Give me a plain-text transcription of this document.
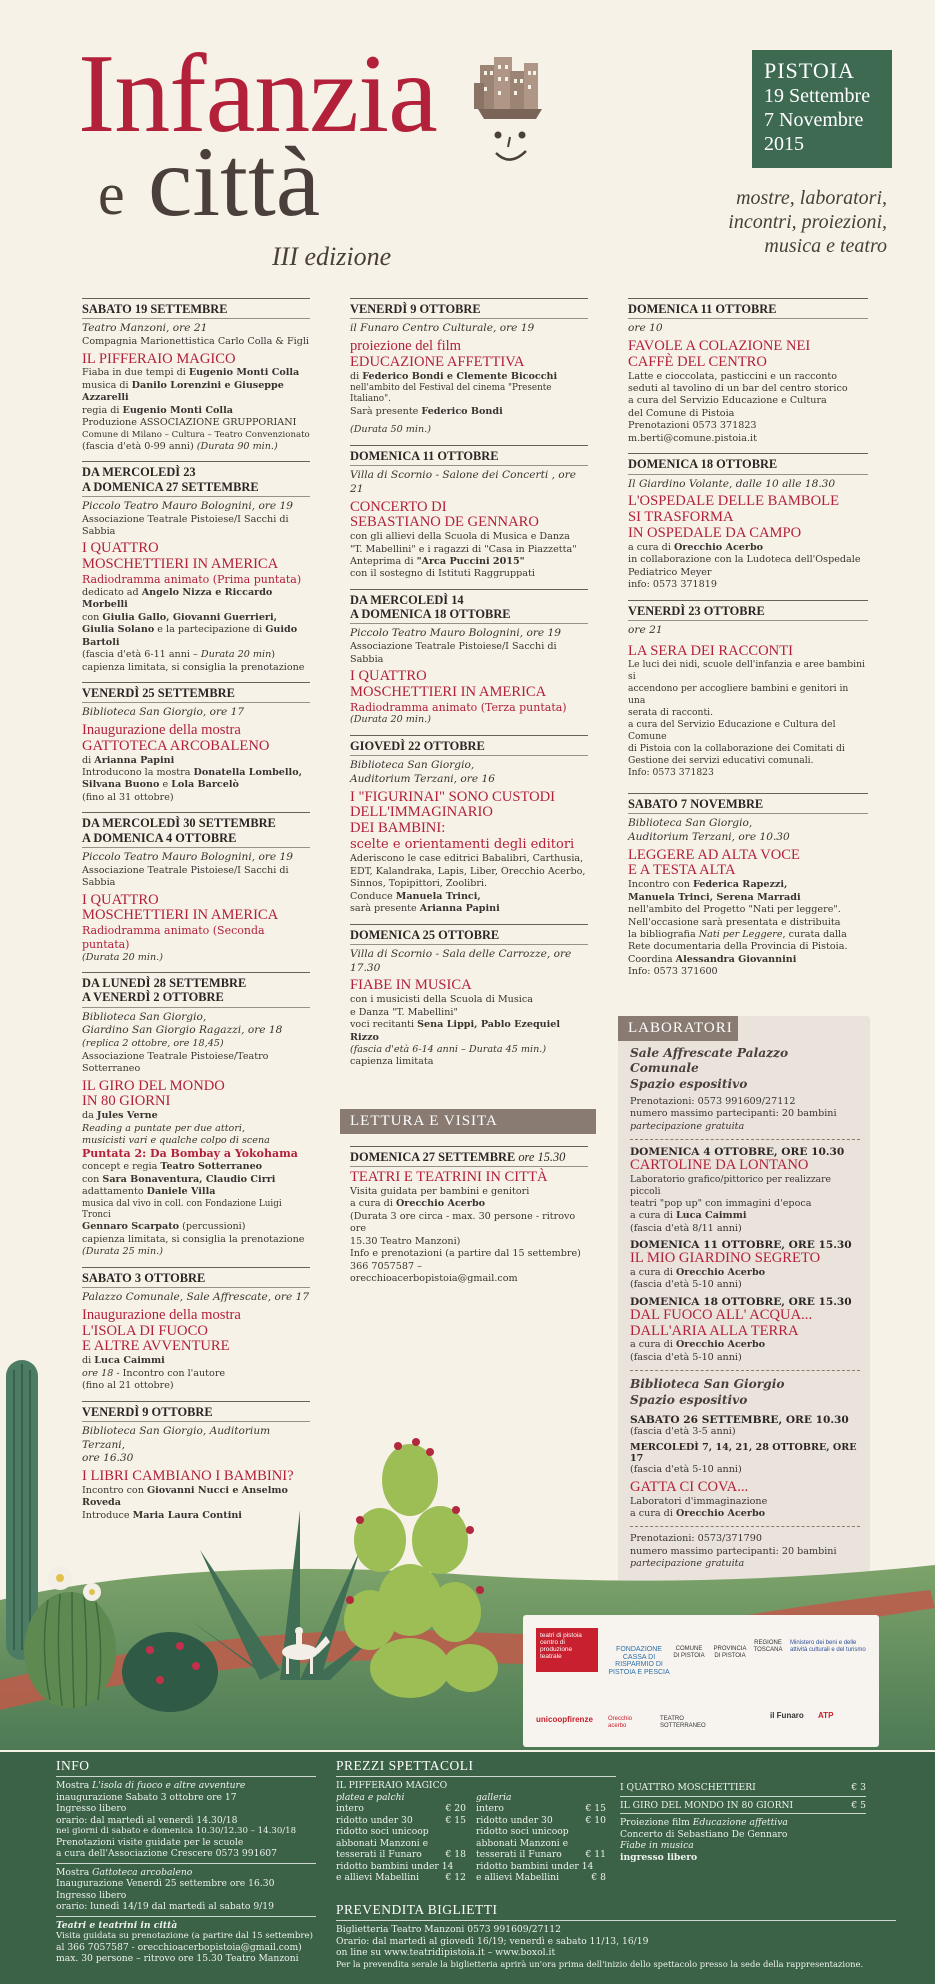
Infanzia
e città
III edizione
PISTOIA
19 Settembre
7 Novembre
2015
mostre, laboratori,
incontri, proiezioni,
musica e teatro
SABATO 19 SETTEMBRE
Teatro Manzoni, ore 21
Compagnia Marionettistica Carlo Colla & Figli
IL PIFFERAIO MAGICO
Fiaba in due tempi di Eugenio Monti Colla
musica di Danilo Lorenzini e Giuseppe Azzarelli
regia di Eugenio Monti Colla
Produzione ASSOCIAZIONE GRUPPORIANI
Comune di Milano – Cultura – Teatro Convenzionato
(fascia d'età 0-99 anni) (Durata 90 min.)
DA MERCOLEDÌ 23
A DOMENICA 27 SETTEMBRE
Piccolo Teatro Mauro Bolognini, ore 19
Associazione Teatrale Pistoiese/I Sacchi di Sabbia
I QUATTRO
MOSCHETTIERI IN AMERICA
Radiodramma animato (Prima puntata)
dedicato ad Angelo Nizza e Riccardo Morbelli
con Giulia Gallo, Giovanni Guerrieri,
Giulia Solano e la partecipazione di Guido Bartoli
(fascia d'età 6-11 anni – Durata 20 min)
capienza limitata, si consiglia la prenotazione
VENERDÌ 25 SETTEMBRE
Biblioteca San Giorgio, ore 17
Inaugurazione della mostra
GATTOTECA ARCOBALENO
di Arianna Papini
Introducono la mostra Donatella Lombello,
Silvana Buono e Lola Barcelò
(fino al 31 ottobre)
DA MERCOLEDÌ 30 SETTEMBRE
A DOMENICA 4 OTTOBRE
Piccolo Teatro Mauro Bolognini, ore 19
Associazione Teatrale Pistoiese/I Sacchi di Sabbia
I QUATTRO
MOSCHETTIERI IN AMERICA
Radiodramma animato (Seconda puntata)
(Durata 20 min.)
DA LUNEDÌ 28 SETTEMBRE
A VENERDÌ 2 OTTOBRE
Biblioteca San Giorgio,
Giardino San Giorgio Ragazzi, ore 18
(replica 2 ottobre, ore 18,45)
Associazione Teatrale Pistoiese/Teatro Sotterraneo
IL GIRO DEL MONDO
IN 80 GIORNI
da Jules Verne
Reading a puntate per due attori,
musicisti vari e qualche colpo di scena
Puntata 2: Da Bombay a Yokohama
concept e regia Teatro Sotterraneo
con Sara Bonaventura, Claudio Cirri
adattamento Daniele Villa
musica dal vivo in coll. con Fondazione Luigi Tronci
Gennaro Scarpato (percussioni)
capienza limitata, si consiglia la prenotazione
(Durata 25 min.)
SABATO 3 OTTOBRE
Palazzo Comunale, Sale Affrescate, ore 17
Inaugurazione della mostra
L'ISOLA DI FUOCO
E ALTRE AVVENTURE
di Luca Caimmi
ore 18 - Incontro con l'autore
(fino al 21 ottobre)
VENERDÌ 9 OTTOBRE
Biblioteca San Giorgio, Auditorium Terzani,
ore 16.30
I LIBRI CAMBIANO I BAMBINI?
Incontro con Giovanni Nucci e Anselmo Roveda
Introduce Maria Laura Contini
VENERDÌ 9 OTTOBRE
il Funaro Centro Culturale, ore 19
proiezione del film
EDUCAZIONE AFFETTIVA
di Federico Bondi e Clemente Bicocchi
nell'ambito del Festival del cinema "Presente Italiano".
Sarà presente Federico Bondi
(Durata 50 min.)
DOMENICA 11 OTTOBRE
Villa di Scornio - Salone dei Concerti , ore 21
CONCERTO DI
SEBASTIANO DE GENNARO
con gli allievi della Scuola di Musica e Danza
"T. Mabellini" e i ragazzi di "Casa in Piazzetta"
Anteprima di "Arca Puccini 2015"
con il sostegno di Istituti Raggruppati
DA MERCOLEDÌ 14
A DOMENICA 18 OTTOBRE
Piccolo Teatro Mauro Bolognini, ore 19
Associazione Teatrale Pistoiese/I Sacchi di Sabbia
I QUATTRO
MOSCHETTIERI IN AMERICA
Radiodramma animato (Terza puntata)
(Durata 20 min.)
GIOVEDÌ 22 OTTOBRE
Biblioteca San Giorgio,
Auditorium Terzani, ore 16
I "FIGURINAI" SONO CUSTODI
DELL'IMMAGINARIO
DEI BAMBINI:
scelte e orientamenti degli editori
Aderiscono le case editrici Babalibri, Carthusia,
EDT, Kalandraka, Lapis, Liber, Orecchio Acerbo,
Sinnos, Topipittori, Zoolibri.
Conduce Manuela Trinci,
sarà presente Arianna Papini
DOMENICA 25 OTTOBRE
Villa di Scornio - Sala delle Carrozze, ore 17.30
FIABE IN MUSICA
con i musicisti della Scuola di Musica
e Danza "T. Mabellini"
voci recitanti Sena Lippi, Pablo Ezequiel Rizzo
(fascia d'età 6-14 anni – Durata 45 min.)
capienza limitata
LETTURA E VISITA
DOMENICA 27 SETTEMBRE ore 15.30
TEATRI E TEATRINI IN CITTÀ
Visita guidata per bambini e genitori
a cura di Orecchio Acerbo
(Durata 3 ore circa - max. 30 persone - ritrovo ore
15.30 Teatro Manzoni)
Info e prenotazioni (a partire dal 15 settembre)
366 7057587 – orecchioacerbopistoia@gmail.com
DOMENICA 11 OTTOBRE
ore 10
FAVOLE A COLAZIONE NEI
CAFFÈ DEL CENTRO
Latte e cioccolata, pasticcini e un racconto
seduti al tavolino di un bar del centro storico
a cura del Servizio Educazione e Cultura
del Comune di Pistoia
Prenotazioni 0573 371823
m.berti@comune.pistoia.it
DOMENICA 18 OTTOBRE
Il Giardino Volante, dalle 10 alle 18.30
L'OSPEDALE DELLE BAMBOLE
SI TRASFORMA
IN OSPEDALE DA CAMPO
a cura di Orecchio Acerbo
in collaborazione con la Ludoteca dell'Ospedale
Pediatrico Meyer
info: 0573 371819
VENERDÌ 23 OTTOBRE
ore 21
LA SERA DEI RACCONTI
Le luci dei nidi, scuole dell'infanzia e aree bambini si
accendono per accogliere bambini e genitori in una
serata di racconti.
a cura del Servizio Educazione e Cultura del Comune
di Pistoia con la collaborazione dei Comitati di
Gestione dei servizi educativi comunali.
Info: 0573 371823
SABATO 7 NOVEMBRE
Biblioteca San Giorgio,
Auditorium Terzani, ore 10.30
LEGGERE AD ALTA VOCE
E A TESTA ALTA
Incontro con Federica Rapezzi,
Manuela Trinci, Serena Marradi
nell'ambito del Progetto "Nati per leggere".
Nell'occasione sarà presentata e distribuita
la bibliografia Nati per Leggere, curata dalla
Rete documentaria della Provincia di Pistoia.
Coordina Alessandra Giovannini
Info: 0573 371600
LABORATORI
Sale Affrescate Palazzo Comunale
Spazio espositivo
Prenotazioni: 0573 991609/27112
numero massimo partecipanti: 20 bambini
partecipazione gratuita
DOMENICA 4 OTTOBRE, ORE 10.30
CARTOLINE DA LONTANO
Laboratorio grafico/pittorico per realizzare piccoli
teatri "pop up" con immagini d'epoca
a cura di Luca Caimmi
(fascia d'età 8/11 anni)
DOMENICA 11 OTTOBRE, ORE 15.30
IL MIO GIARDINO SEGRETO
a cura di Orecchio Acerbo
(fascia d'età 5-10 anni)
DOMENICA 18 OTTOBRE, ORE 15.30
DAL FUOCO ALL' ACQUA...
DALL'ARIA ALLA TERRA
a cura di Orecchio Acerbo
(fascia d'età 5-10 anni)
Biblioteca San Giorgio
Spazio espositivo
SABATO 26 SETTEMBRE, ORE 10.30
(fascia d'età 3-5 anni)
MERCOLEDÌ 7, 14, 21, 28 OTTOBRE, ORE 17
(fascia d'età 5-10 anni)
GATTA CI COVA...
Laboratori d'immaginazione
a cura di Orecchio Acerbo
Prenotazioni: 0573/371790
numero massimo partecipanti: 20 bambini
partecipazione gratuita
teatri di pistoia centro di produzione teatrale
FONDAZIONE CASSA DI RISPARMIO DI PISTOIA E PESCIA
COMUNE DI PISTOIA
PROVINCIA DI PISTOIA
REGIONE TOSCANA
Ministero dei beni e delle attività culturali e del turismo
unicoopfirenze	il Funaro
Orecchio acerbo
TEATRO SOTTERRANEO
ATP
INFO
Mostra L'isola di fuoco e altre avventure
inaugurazione Sabato 3 ottobre ore 17
Ingresso libero
orario: dal martedì al venerdì 14.30/18
nei giorni di sabato e domenica 10.30/12.30 – 14.30/18
Prenotazioni visite guidate per le scuole
a cura dell'Associazione Crescere 0573 991607
Mostra Gattoteca arcobaleno
Inaugurazione Venerdì 25 settembre ore 16.30
Ingresso libero
orario: lunedì 14/19 dal martedì al sabato 9/19
Teatri e teatrini in città
Visita guidata su prenotazione (a partire dal 15 settembre)
al 366 7057587 - orecchioacerbopistoia@gmail.com)
max. 30 persone – ritrovo ore 15.30 Teatro Manzoni
PREZZI SPETTACOLI
IL PIFFERAIO MAGICO
platea e palchi
intero	€ 20
ridotto under 30	€ 15
ridotto soci unicoop
abbonati Manzoni e
tesserati il Funaro	€ 18
ridotto bambini under 14
e allievi Mabellini	€ 12

galleria
intero	€ 15
ridotto under 30	€ 10
ridotto soci unicoop
abbonati Manzoni e
tesserati il Funaro	€ 11
ridotto bambini under 14
e allievi Mabellini	€ 8
I QUATTRO MOSCHETTIERI	€ 3
IL GIRO DEL MONDO IN 80 GIORNI	€ 5
Proiezione film Educazione affettiva
Concerto di Sebastiano De Gennaro
Fiabe in musica
ingresso libero
PREVENDITA BIGLIETTI
Biglietteria Teatro Manzoni 0573 991609/27112
Orario: dal martedì al giovedì 16/19; venerdì e sabato 11/13, 16/19
on line su www.teatridipistoia.it – www.boxol.it
Per la prevendita serale la biglietteria aprirà un'ora prima dell'inizio dello spettacolo presso la sede della rappresentazione.
